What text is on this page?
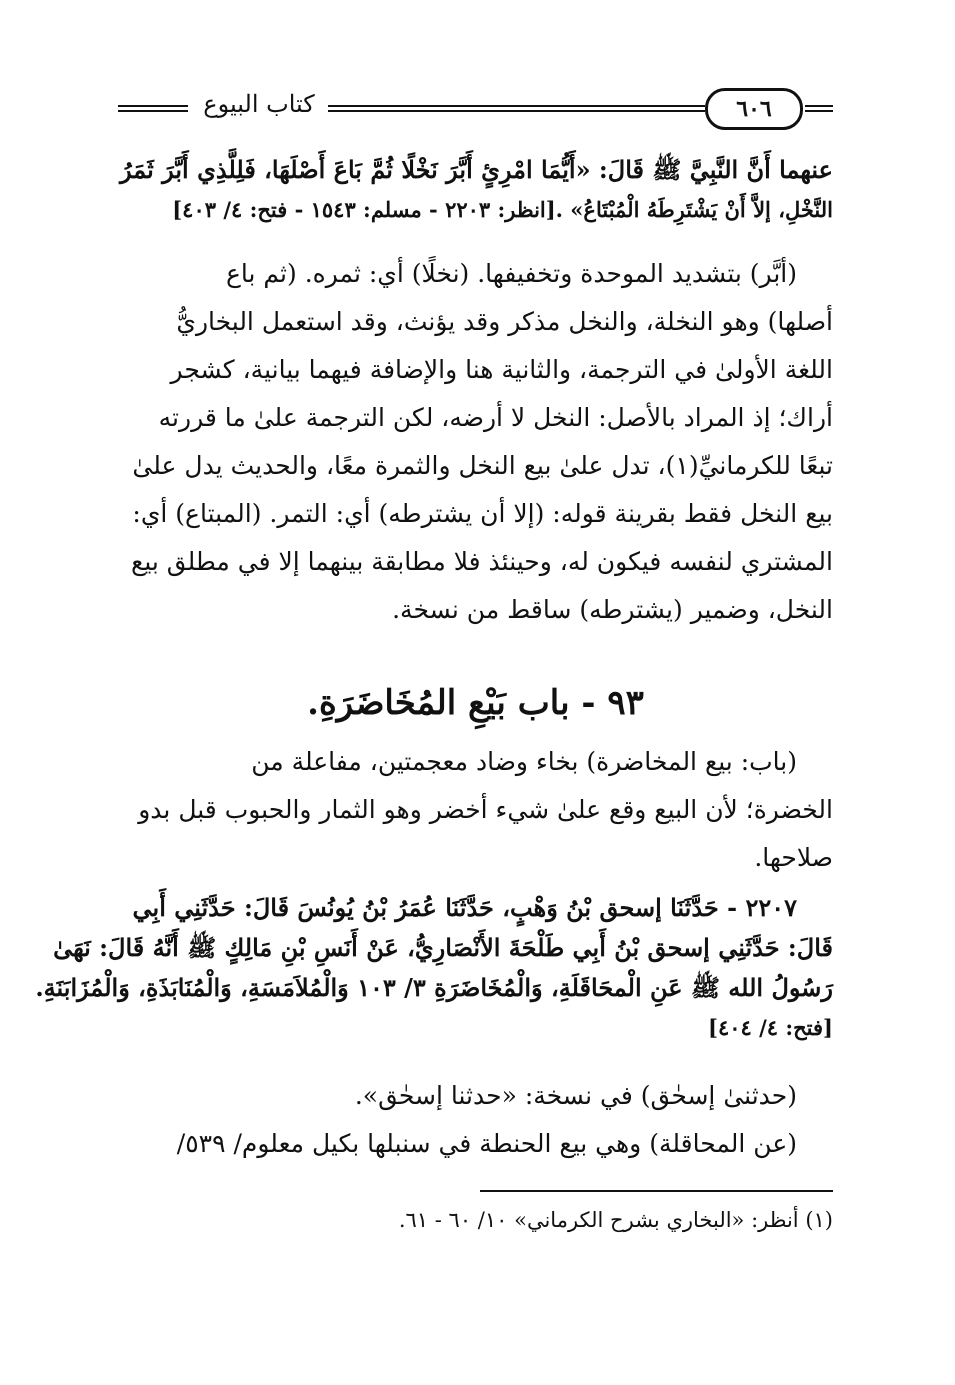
كتاب البيوع	٦٠٦
عنهما أَنَّ النَّبِيَّ ﷺ قَالَ: «أَيُّمَا امْرِئٍ أَبَّرَ نَخْلًا ثُمَّ بَاعَ أَصْلَهَا، فَلِلَّذِي أَبَّرَ ثَمَرُ
النَّخْلِ، إلاَّ أَنْ يَشْتَرِطَهُ الْمُبْتَاعُ» .[انظر: ٢٢٠٣ - مسلم: ١٥٤٣ - فتح: ٤/ ٤٠٣]
(أبَّر) بتشديد الموحدة وتخفيفها. (نخلًا) أي: ثمره. (ثم باع
أصلها) وهو النخلة، والنخل مذكر وقد يؤنث، وقد استعمل البخاريُّ
اللغة الأولىٰ في الترجمة، والثانية هنا والإضافة فيهما بيانية، كشجر
أراك؛ إذ المراد بالأصل: النخل لا أرضه، لكن الترجمة علىٰ ما قررته
تبعًا للكرمانيِّ(١)، تدل علىٰ بيع النخل والثمرة معًا، والحديث يدل علىٰ
بيع النخل فقط بقرينة قوله: (إلا أن يشترطه) أي: التمر. (المبتاع) أي:
المشتري لنفسه فيكون له، وحينئذ فلا مطابقة بينهما إلا في مطلق بيع
النخل، وضمير (يشترطه) ساقط من نسخة.
٩٣ - باب بَيْعِ المُخَاضَرَةِ.
(باب: بيع المخاضرة) بخاء وضاد معجمتين، مفاعلة من
الخضرة؛ لأن البيع وقع علىٰ شيء أخضر وهو الثمار والحبوب قبل بدو
صلاحها.
٢٢٠٧ - حَدَّثَنَا إسحق بْنُ وَهْبٍ، حَدَّثَنَا عُمَرُ بْنُ يُونُسَ قَالَ: حَدَّثَنِي أَبِي
قَالَ: حَدَّثَنِي إسحق بْنُ أَبِي طَلْحَةَ الأَنْصَارِيُّ، عَنْ أَنَسِ بْنِ مَالِكٍ ﷺ أَنَّهُ قَالَ: نَهَىٰ
رَسُولُ الله ﷺ عَنِ الْمحَاقَلَةِ، وَالْمُخَاضَرَةِ ٣/ ١٠٣ وَالْمُلاَمَسَةِ، وَالْمُنَابَذَةِ، وَالْمُزَابَنَةِ.
[فتح: ٤/ ٤٠٤]
(حدثنىٰ إسحٰق) في نسخة: «حدثنا إسحٰق».
(عن المحاقلة) وهي بيع الحنطة في سنبلها بكيل معلوم/ ٥٣٩/
(١) أنظر: «البخاري بشرح الكرماني» ١٠/ ٦٠ - ٦١.
